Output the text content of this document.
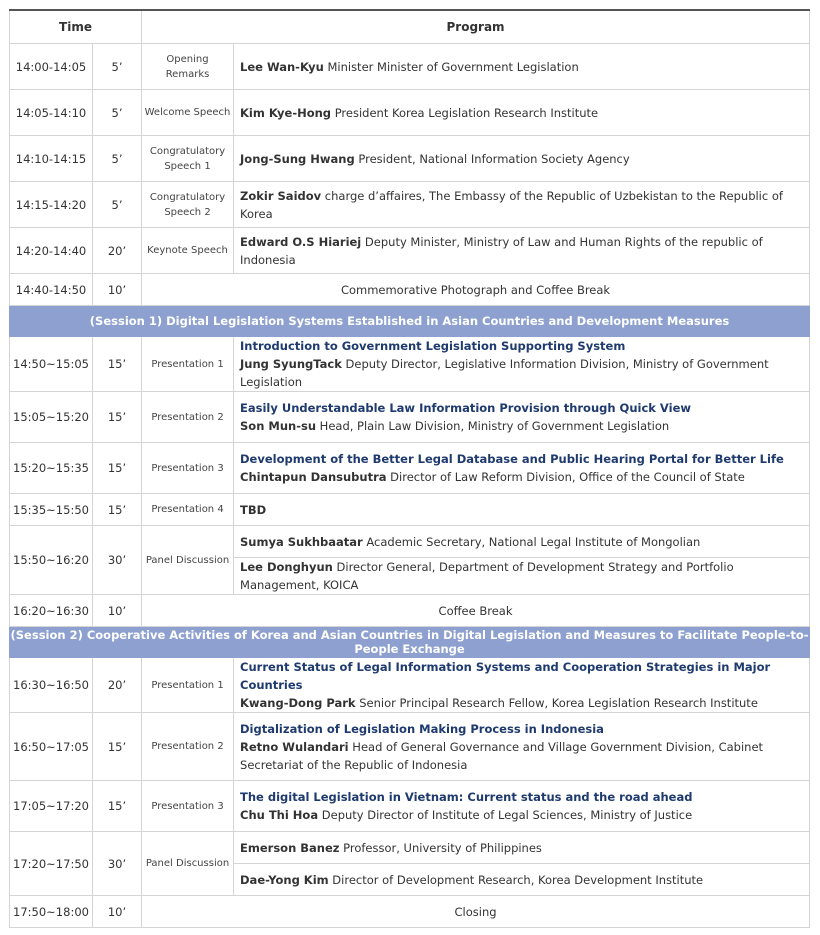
Time		Program	
14:00-14:05	5’	Opening Remarks	Lee Wan-Kyu Minister Minister of Government Legislation
14:05-14:10	5’	Welcome Speech	Kim Kye-Hong President Korea Legislation Research Institute
14:10-14:15	5’	Congratulatory Speech 1	Jong-Sung Hwang President, National Information Society Agency
14:15-14:20	5’	Congratulatory Speech 2	Zokir Saidov charge d’affaires, The Embassy of the Republic of Uzbekistan to the Republic of Korea
14:20-14:40	20’	Keynote Speech	Edward O.S Hiariej Deputy Minister, Ministry of Law and Human Rights of the republic of Indonesia
14:40-14:50	10’	Commemorative Photograph and Coffee Break	
(Session 1) Digital Legislation Systems Established in Asian Countries and Development Measures			
14:50~15:05	15’	Presentation 1	Introduction to Government Legislation Supporting System
Jung SyungTack Deputy Director, Legislative Information Division, Ministry of Government Legislation
15:05~15:20	15’	Presentation 2	Easily Understandable Law Information Provision through Quick View
Son Mun-su Head, Plain Law Division, Ministry of Government Legislation
15:20~15:35	15’	Presentation 3	Development of the Better Legal Database and Public Hearing Portal for Better Life
Chintapun Dansubutra Director of Law Reform Division, Office of the Council of State
15:35~15:50	15’	Presentation 4	TBD
15:50~16:20	30’	Panel Discussion	Sumya Sukhbaatar Academic Secretary, National Legal Institute of Mongolian
			Lee Donghyun Director General, Department of Development Strategy and Portfolio Management, KOICA
16:20~16:30	10’	Coffee Break	
(Session 2) Cooperative Activities of Korea and Asian Countries in Digital Legislation and Measures to Facilitate People-to-People Exchange			
16:30~16:50	20’	Presentation 1	Current Status of Legal Information Systems and Cooperation Strategies in Major Countries
Kwang-Dong Park Senior Principal Research Fellow, Korea Legislation Research Institute
16:50~17:05	15’	Presentation 2	Digtalization of Legislation Making Process in Indonesia
Retno Wulandari Head of General Governance and Village Government Division, Cabinet Secretariat of the Republic of Indonesia
17:05~17:20	15’	Presentation 3	The digital Legislation in Vietnam: Current status and the road ahead
Chu Thi Hoa Deputy Director of Institute of Legal Sciences, Ministry of Justice
17:20~17:50	30’	Panel Discussion	Emerson Banez Professor, University of Philippines
			Dae-Yong Kim Director of Development Research, Korea Development Institute
17:50~18:00	10’	Closing	
